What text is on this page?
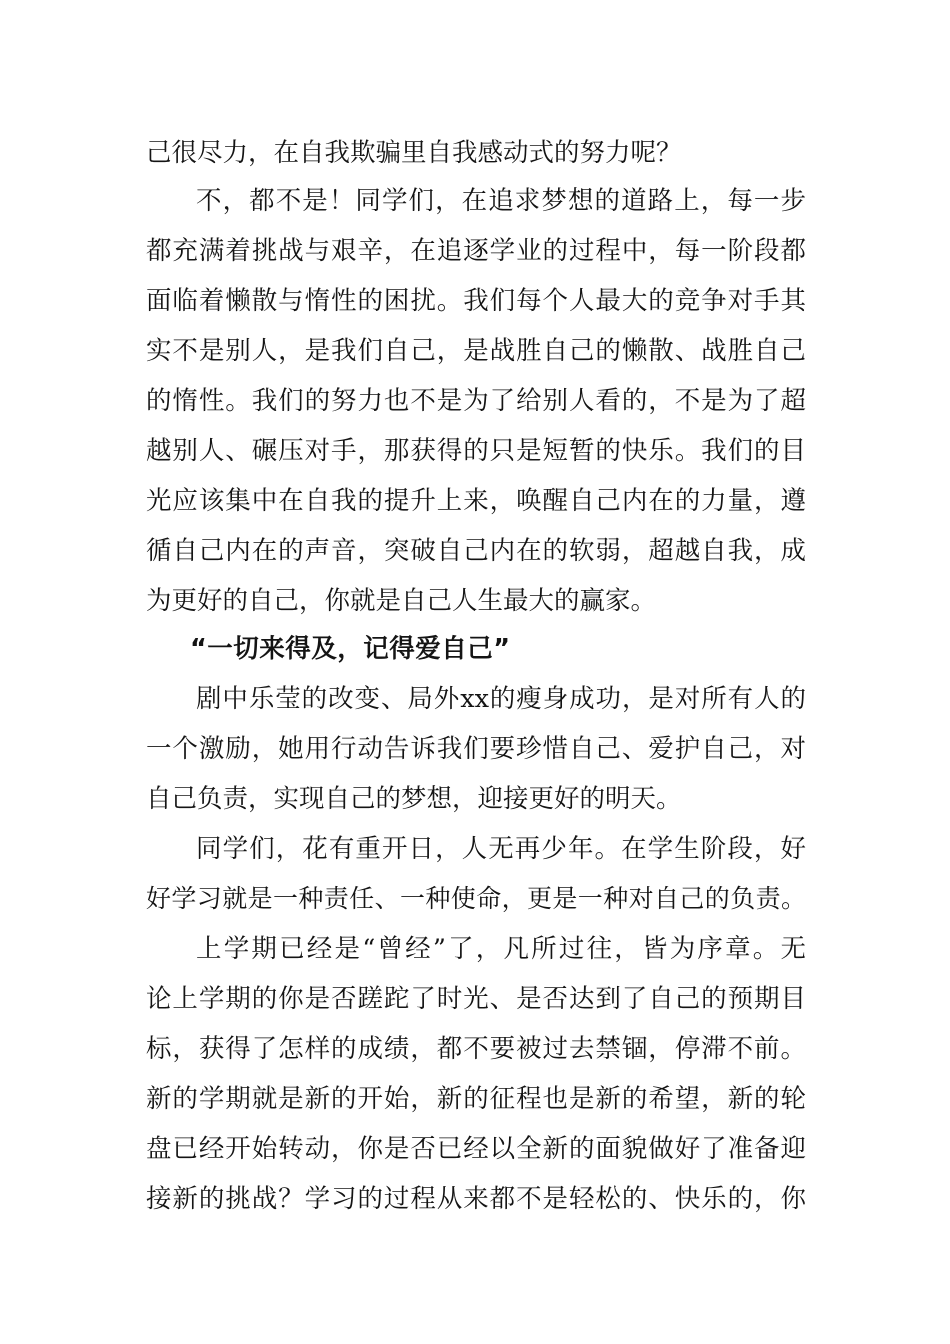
己很尽力，在自我欺骗里自我感动式的努力呢？
不，都不是！同学们，在追求梦想的道路上，每一步
都充满着挑战与艰辛，在追逐学业的过程中，每一阶段都
面临着懒散与惰性的困扰。我们每个人最大的竞争对手其
实不是别人，是我们自己，是战胜自己的懒散、战胜自己
的惰性。我们的努力也不是为了给别人看的，不是为了超
越别人、碾压对手，那获得的只是短暂的快乐。我们的目
光应该集中在自我的提升上来，唤醒自己内在的力量，遵
循自己内在的声音，突破自己内在的软弱，超越自我，成
为更好的自己，你就是自己人生最大的赢家。
“一切来得及，记得爱自己”
剧中乐莹的改变、局外xx的瘦身成功，是对所有人的
一个激励，她用行动告诉我们要珍惜自己、爱护自己，对
自己负责，实现自己的梦想，迎接更好的明天。
同学们，花有重开日，人无再少年。在学生阶段，好
好学习就是一种责任、一种使命，更是一种对自己的负责。
上学期已经是“曾经”了，凡所过往，皆为序章。无
论上学期的你是否蹉跎了时光、是否达到了自己的预期目
标，获得了怎样的成绩，都不要被过去禁锢，停滞不前。
新的学期就是新的开始，新的征程也是新的希望，新的轮
盘已经开始转动，你是否已经以全新的面貌做好了准备迎
接新的挑战？学习的过程从来都不是轻松的、快乐的，你
